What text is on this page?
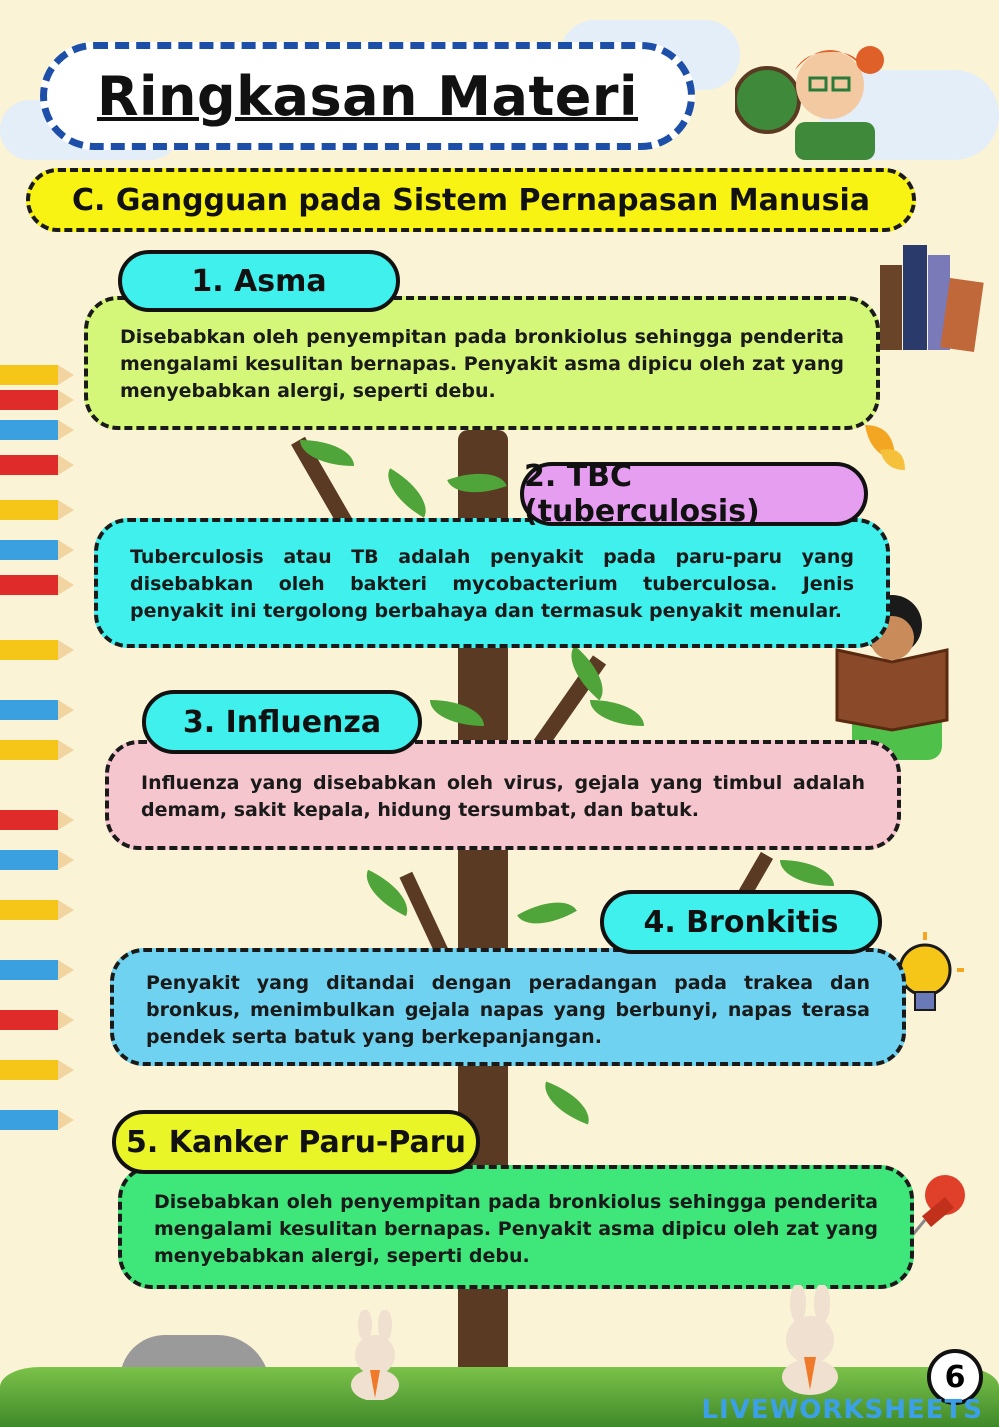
Ringkasan Materi
C. Gangguan pada Sistem Pernapasan Manusia
1. Asma
Disebabkan oleh penyempitan pada bronkiolus sehingga penderita mengalami kesulitan bernapas. Penyakit asma dipicu oleh zat yang menyebabkan alergi, seperti debu.
2. TBC (tuberculosis)
Tuberculosis atau TB adalah penyakit pada paru-paru yang disebabkan oleh bakteri mycobacterium tuberculosa. Jenis penyakit ini tergolong berbahaya dan termasuk penyakit menular.
3. Influenza
Influenza yang disebabkan oleh virus, gejala yang timbul adalah demam, sakit kepala, hidung tersumbat, dan batuk.
4. Bronkitis
Penyakit yang ditandai dengan peradangan pada trakea dan bronkus, menimbulkan gejala napas yang berbunyi, napas terasa pendek serta batuk yang berkepanjangan.
5. Kanker Paru-Paru
Disebabkan oleh penyempitan pada bronkiolus sehingga penderita mengalami kesulitan bernapas. Penyakit asma dipicu oleh zat yang menyebabkan alergi, seperti debu.
6
LIVEWORKSHEETS
